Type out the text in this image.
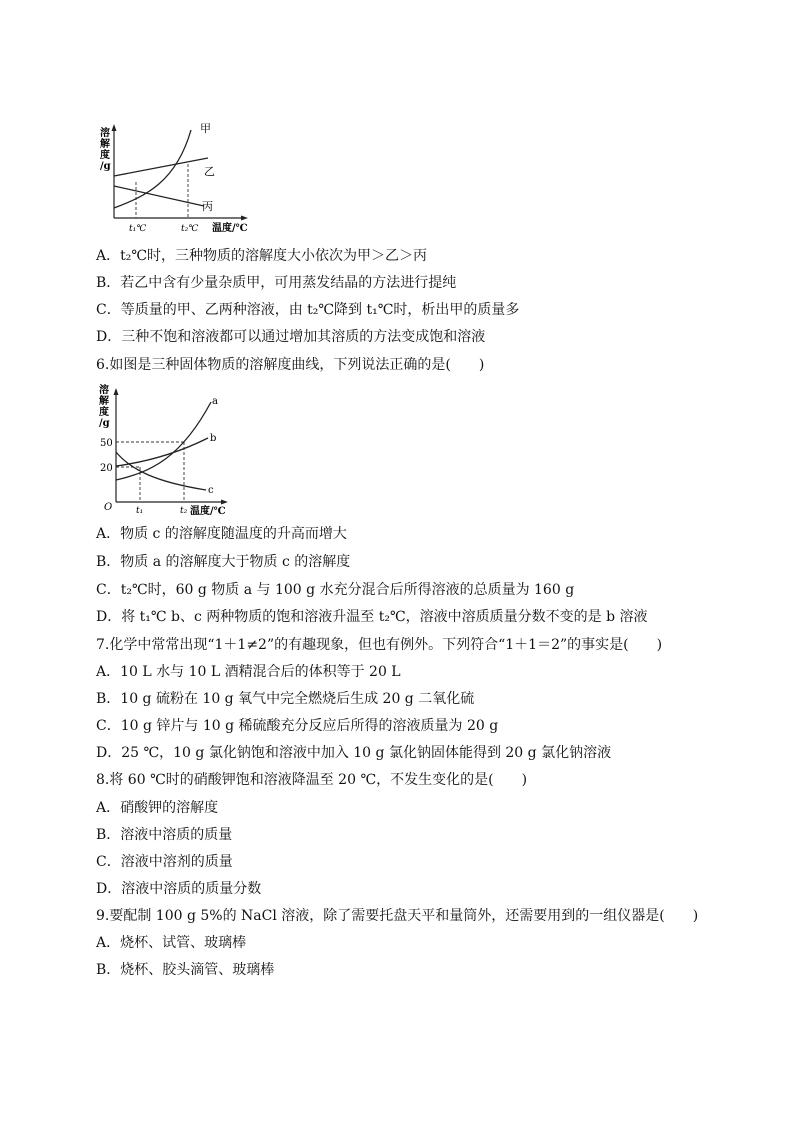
溶
解
度
/g
甲
乙
丙
t₁℃	t₂℃ 温度/℃
A．t₂℃时，三种物质的溶解度大小依次为甲＞乙＞丙
B．若乙中含有少量杂质甲，可用蒸发结晶的方法进行提纯
C．等质量的甲、乙两种溶液，由 t₂℃降到 t₁℃时，析出甲的质量多
D．三种不饱和溶液都可以通过增加其溶质的方法变成饱和溶液
6.如图是三种固体物质的溶解度曲线，下列说法正确的是(　　)
溶
解
度
/g
a
b
c
50
20
O	t₁	t₂ 温度/℃
A．物质 c 的溶解度随温度的升高而增大
B．物质 a 的溶解度大于物质 c 的溶解度
C．t₂℃时，60 g 物质 a 与 100 g 水充分混合后所得溶液的总质量为 160 g
D．将 t₁℃ b、c 两种物质的饱和溶液升温至 t₂℃，溶液中溶质质量分数不变的是 b 溶液
7.化学中常常出现“1＋1≠2”的有趣现象，但也有例外。下列符合“1＋1＝2”的事实是(　　)
A．10 L 水与 10 L 酒精混合后的体积等于 20 L
B．10 g 硫粉在 10 g 氧气中完全燃烧后生成 20 g 二氧化硫
C．10 g 锌片与 10 g 稀硫酸充分反应后所得的溶液质量为 20 g
D．25 ℃，10 g 氯化钠饱和溶液中加入 10 g 氯化钠固体能得到 20 g 氯化钠溶液
8.将 60 ℃时的硝酸钾饱和溶液降温至 20 ℃，不发生变化的是(　　)
A．硝酸钾的溶解度
B．溶液中溶质的质量
C．溶液中溶剂的质量
D．溶液中溶质的质量分数
9.要配制 100 g 5%的 NaCl 溶液，除了需要托盘天平和量筒外，还需要用到的一组仪器是(　　)
A．烧杯、试管、玻璃棒
B．烧杯、胶头滴管、玻璃棒
